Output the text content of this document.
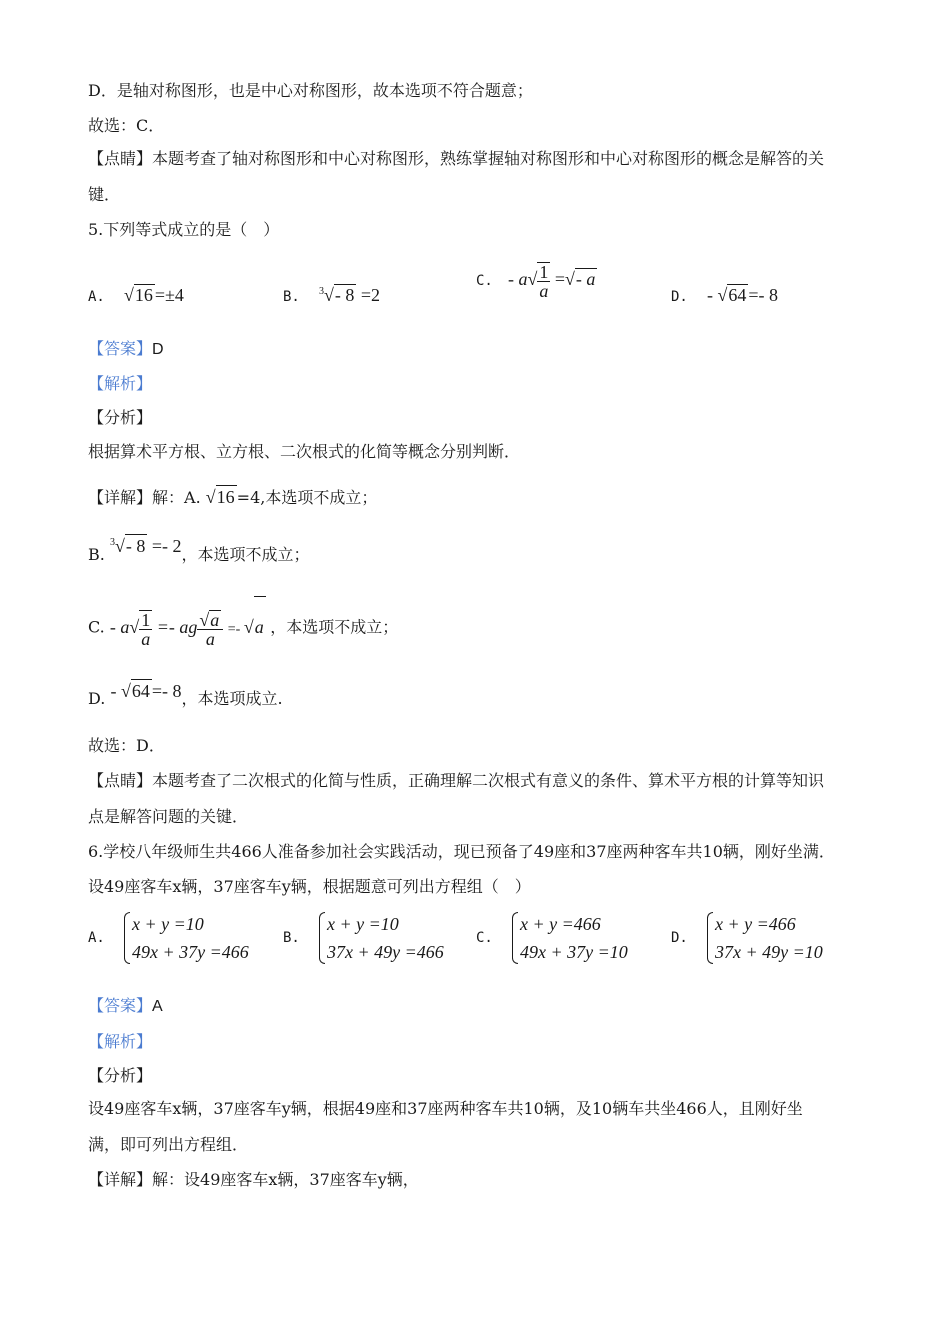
D．是轴对称图形，也是中心对称图形，故本选项不符合题意；
故选：C．
【点睛】本题考查了轴对称图形和中心对称图形，熟练掌握轴对称图形和中心对称图形的概念是解答的关
键．
5.下列等式成立的是（　）
A. √16 =±4	B. $^3$√- 8 =2
C. - $a√ \frac{1}{a}$ =√- a
D. - √64 =- 8
【答案】D
【解析】
【分析】
根据算术平方根、立方根、二次根式的化简等概念分别判断．
【详解】解：A. √16 =4,本选项不成立；
B. $^3$√- 8 =- 2，本选项不成立；
C. - $a√ \frac{1}{a}$ =- ag $\frac{√a}{a} =- √a$ ，本选项不成立；
D. - √64 =- 8，本选项成立.
故选：D．
【点睛】本题考查了二次根式的化简与性质，正确理解二次根式有意义的条件、算术平方根的计算等知识
点是解答问题的关键．
6.学校八年级师生共466人准备参加社会实践活动，现已预备了49座和37座两种客车共10辆，刚好坐满．
设49座客车x辆，37座客车y辆，根据题意可列出方程组（　）
A.
x + y =10
49x + 37y =466
B.
x + y =10
37x + 49y =466
C.
x + y =466
49x + 37y =10
D.
x + y =466
37x + 49y =10
【答案】A
【解析】
【分析】
设49座客车x辆，37座客车y辆，根据49座和37座两种客车共10辆，及10辆车共坐466人，且刚好坐
满，即可列出方程组．
【详解】解：设49座客车x辆，37座客车y辆，
